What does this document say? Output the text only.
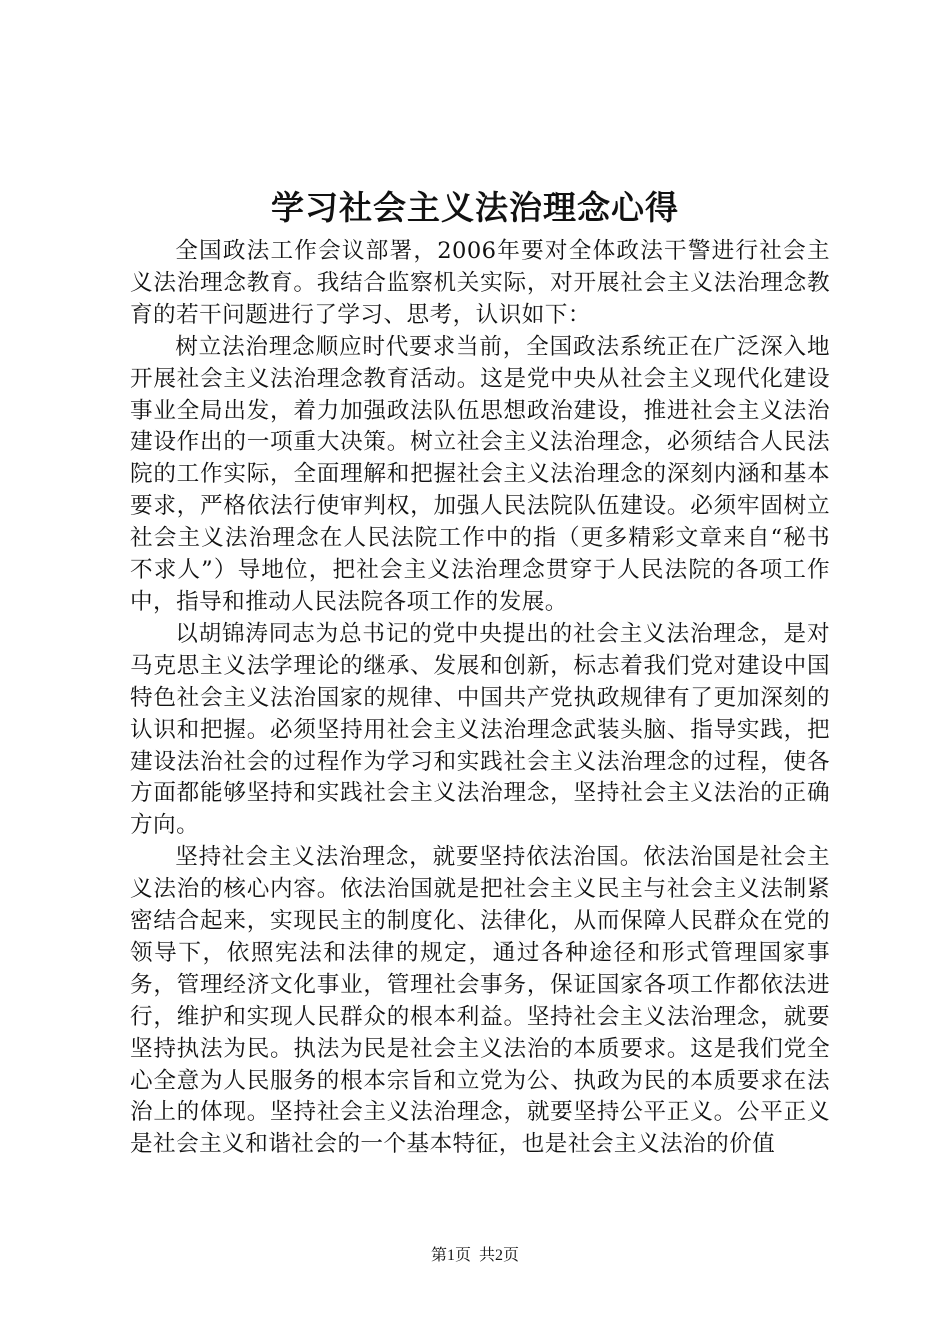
学习社会主义法治理念心得

全国政法工作会议部署，2006年要对全体政法干警进行社会主义法治理念教育。我结合监察机关实际，对开展社会主义法治理念教育的若干问题进行了学习、思考，认识如下：

树立法治理念顺应时代要求当前，全国政法系统正在广泛深入地开展社会主义法治理念教育活动。这是党中央从社会主义现代化建设事业全局出发，着力加强政法队伍思想政治建设，推进社会主义法治建设作出的一项重大决策。树立社会主义法治理念，必须结合人民法院的工作实际，全面理解和把握社会主义法治理念的深刻内涵和基本要求，严格依法行使审判权，加强人民法院队伍建设。必须牢固树立社会主义法治理念在人民法院工作中的指（更多精彩文章来自“秘书不求人”）导地位，把社会主义法治理念贯穿于人民法院的各项工作中，指导和推动人民法院各项工作的发展。

以胡锦涛同志为总书记的党中央提出的社会主义法治理念，是对马克思主义法学理论的继承、发展和创新，标志着我们党对建设中国特色社会主义法治国家的规律、中国共产党执政规律有了更加深刻的认识和把握。必须坚持用社会主义法治理念武装头脑、指导实践，把建设法治社会的过程作为学习和实践社会主义法治理念的过程，使各方面都能够坚持和实践社会主义法治理念，坚持社会主义法治的正确方向。

坚持社会主义法治理念，就要坚持依法治国。依法治国是社会主义法治的核心内容。依法治国就是把社会主义民主与社会主义法制紧密结合起来，实现民主的制度化、法律化，从而保障人民群众在党的领导下，依照宪法和法律的规定，通过各种途径和形式管理国家事务，管理经济文化事业，管理社会事务，保证国家各项工作都依法进行，维护和实现人民群众的根本利益。坚持社会主义法治理念，就要坚持执法为民。执法为民是社会主义法治的本质要求。这是我们党全心全意为人民服务的根本宗旨和立党为公、执政为民的本质要求在法治上的体现。坚持社会主义法治理念，就要坚持公平正义。公平正义是社会主义和谐社会的一个基本特征，也是社会主义法治的价值

第1页 共2页
